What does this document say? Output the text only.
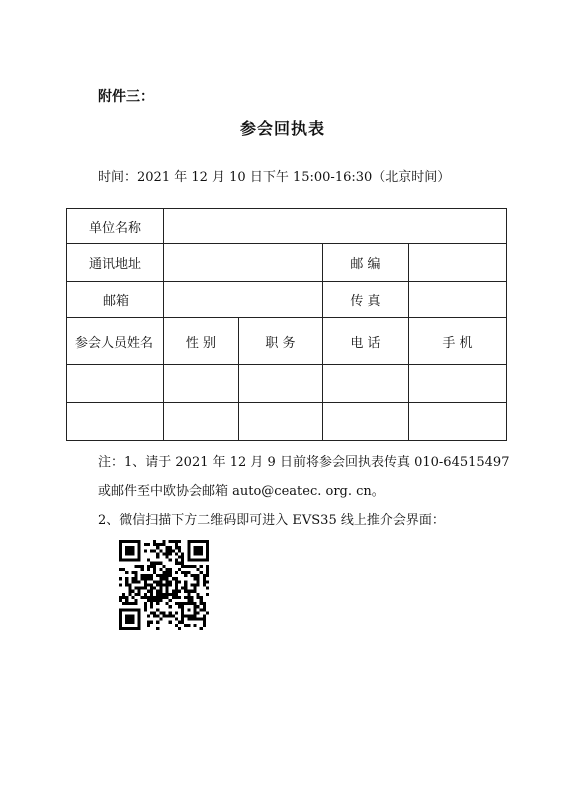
附件三：
参会回执表
时间：2021 年 12 月 10 日下午 15:00-16:30（北京时间）
单位名称				
通讯地址			邮 编	
邮箱			传 真	
参会人员姓名	性 别	职 务	电 话	手 机

注：1、请于 2021 年 12 月 9 日前将参会回执表传真 010-64515497
或邮件至中欧协会邮箱 auto@ceatec. org. cn。
2、微信扫描下方二维码即可进入 EVS35 线上推介会界面：
